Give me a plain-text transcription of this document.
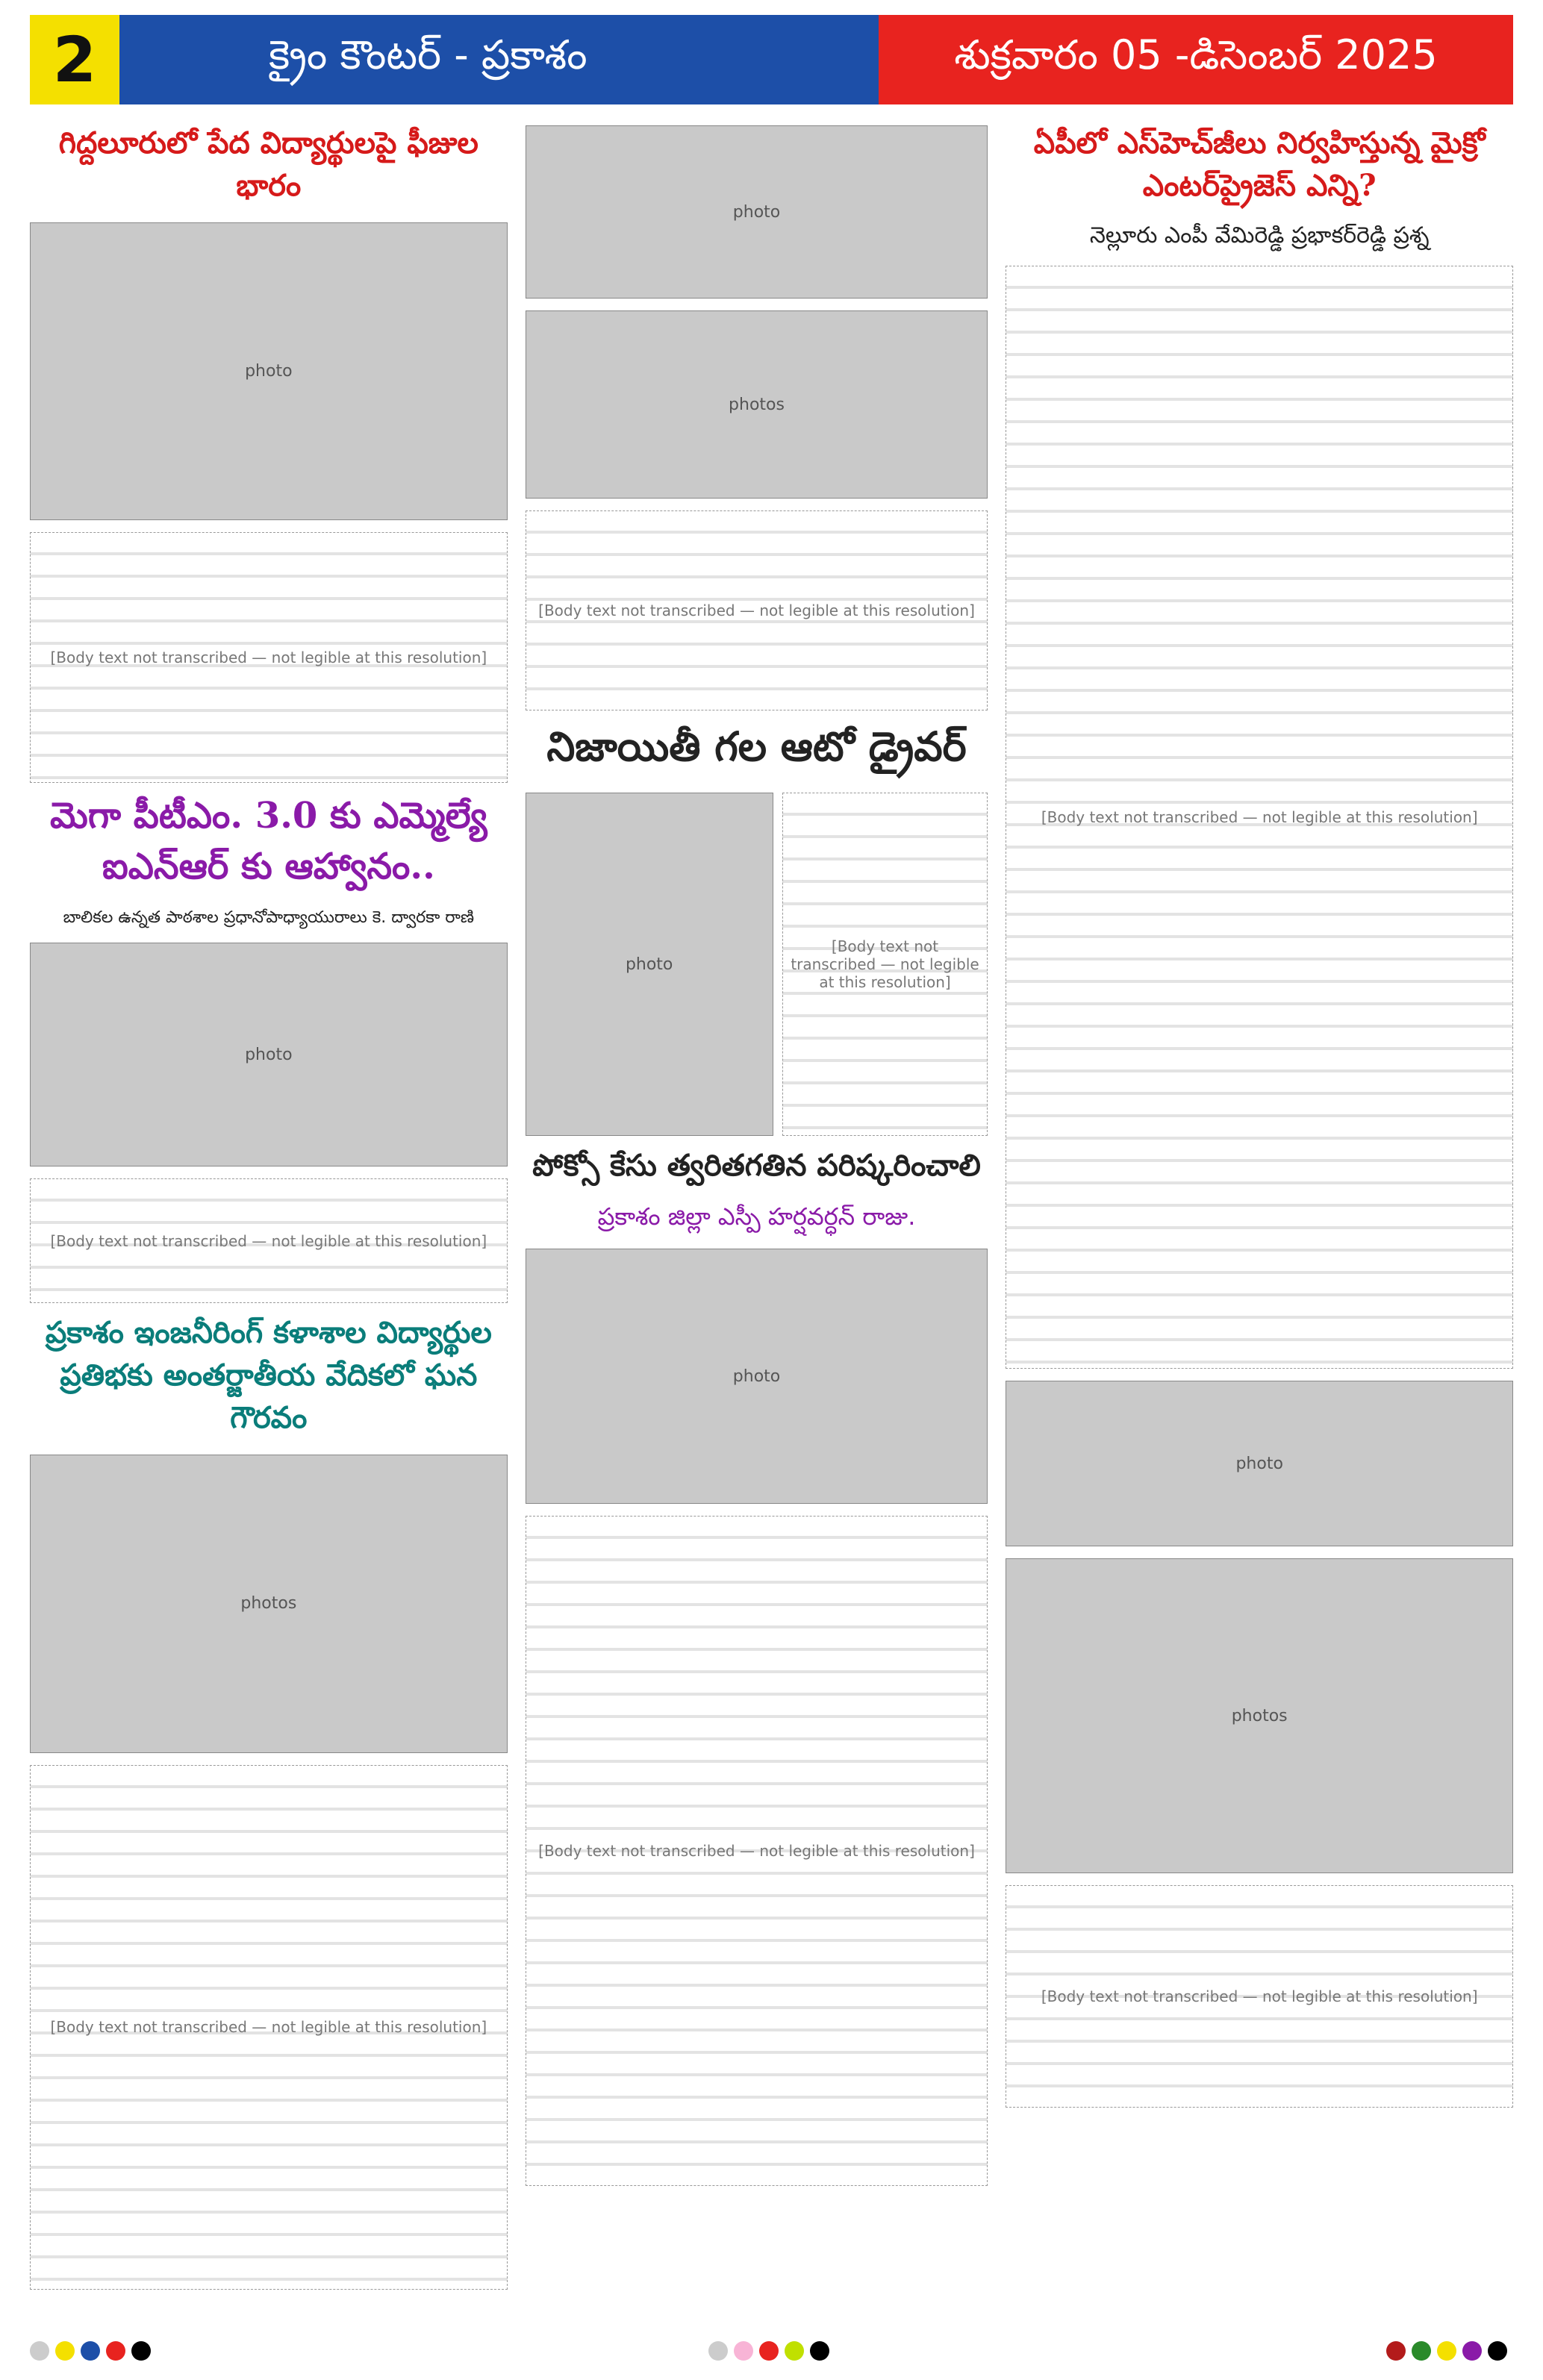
2	క్రైం కౌంటర్ - ప్రకాశం	శుక్రవారం 05 -డిసెంబర్ 2025
గిద్దలూరులో పేద విద్యార్థులపై ఫీజుల భారం
photo
[Body text not transcribed — not legible at this resolution]
మెగా పీటీఎం. 3.0 కు ఎమ్మెల్యే ఐఎన్ఆర్ కు ఆహ్వానం..
బాలికల ఉన్నత పాఠశాల ప్రధానోపాధ్యాయురాలు కె. ద్వారకా రాణి
photo
[Body text not transcribed — not legible at this resolution]
ప్రకాశం ఇంజనీరింగ్ కళాశాల విద్యార్థుల ప్రతిభకు అంతర్జాతీయ వేదికలో ఘన గౌరవం
photos
[Body text not transcribed — not legible at this resolution]
photo
photos
[Body text not transcribed — not legible at this resolution]
నిజాయితీ గల ఆటో డ్రైవర్
photo
[Body text not transcribed — not legible at this resolution]
పోక్సో కేసు త్వరితగతిన పరిష్కరించాలి
ప్రకాశం జిల్లా ఎస్పీ హర్షవర్ధన్ రాజు.
photo
[Body text not transcribed — not legible at this resolution]
ఏపీలో ఎస్‌హెచ్‌జీలు నిర్వహిస్తున్న మైక్రో ఎంటర్‌ప్రైజెస్ ఎన్ని?
నెల్లూరు ఎంపీ వేమిరెడ్డి ప్రభాకర్‌రెడ్డి ప్రశ్న
[Body text not transcribed — not legible at this resolution]
photo
photos
[Body text not transcribed — not legible at this resolution]
